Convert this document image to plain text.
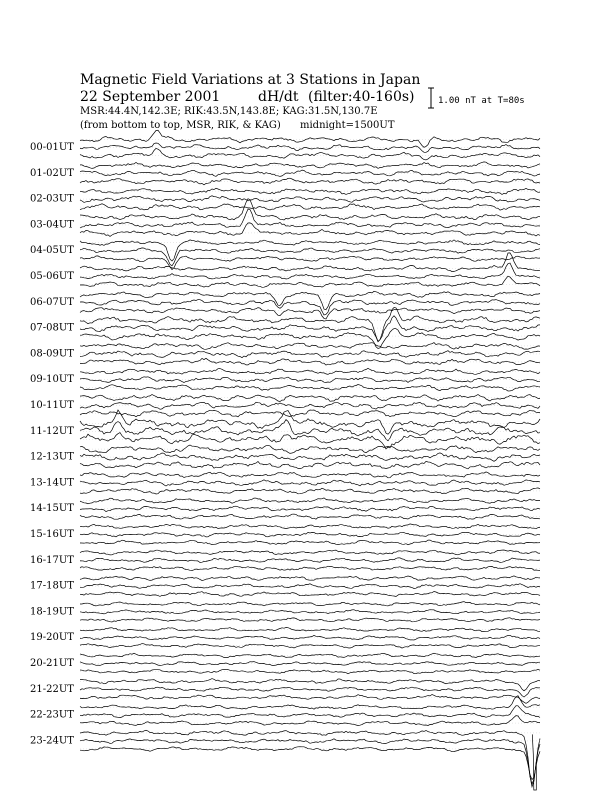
Magnetic Field Variations at 3 Stations in Japan
22 September 2001	dH/dt (filter:40-160s)
MSR:44.4N,142.3E; RIK:43.5N,143.8E; KAG:31.5N,130.7E
(from bottom to top, MSR, RIK, & KAG) midnight=1500UT
1.00 nT at T=80s
00-01UT
01-02UT
02-03UT
03-04UT
04-05UT
05-06UT
06-07UT
07-08UT
08-09UT
09-10UT
10-11UT
11-12UT
12-13UT
13-14UT
14-15UT
15-16UT
16-17UT
17-18UT
18-19UT
19-20UT
20-21UT
21-22UT
22-23UT
23-24UT
